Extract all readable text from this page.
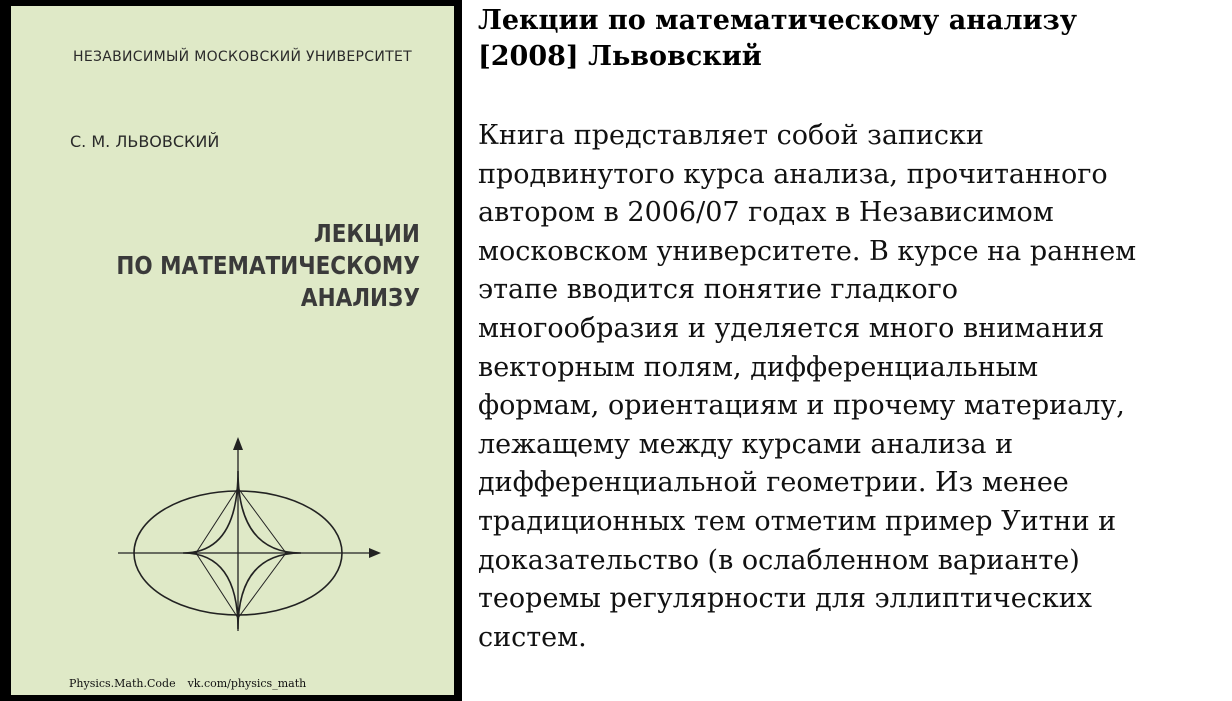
НЕЗАВИСИМЫЙ МОСКОВСКИЙ УНИВЕРСИТЕТ
С. М. ЛЬВОВСКИЙ
ЛЕКЦИИ
ПО МАТЕМАТИЧЕСКОМУ
АНАЛИЗУ
Physics.Math.Code vk.com/physics_math
Лекции по математическому анализу
[2008] Львовский
Книга представляет собой записки
продвинутого курса анализа, прочитанного
автором в 2006/07 годах в Независимом
московском университете. В курсе на раннем
этапе вводится понятие гладкого
многообразия и уделяется много внимания
векторным полям, дифференциальным
формам, ориентациям и прочему материалу,
лежащему между курсами анализа и
дифференциальной геометрии. Из менее
традиционных тем отметим пример Уитни и
доказательство (в ослабленном варианте)
теоремы регулярности для эллиптических
систем.
